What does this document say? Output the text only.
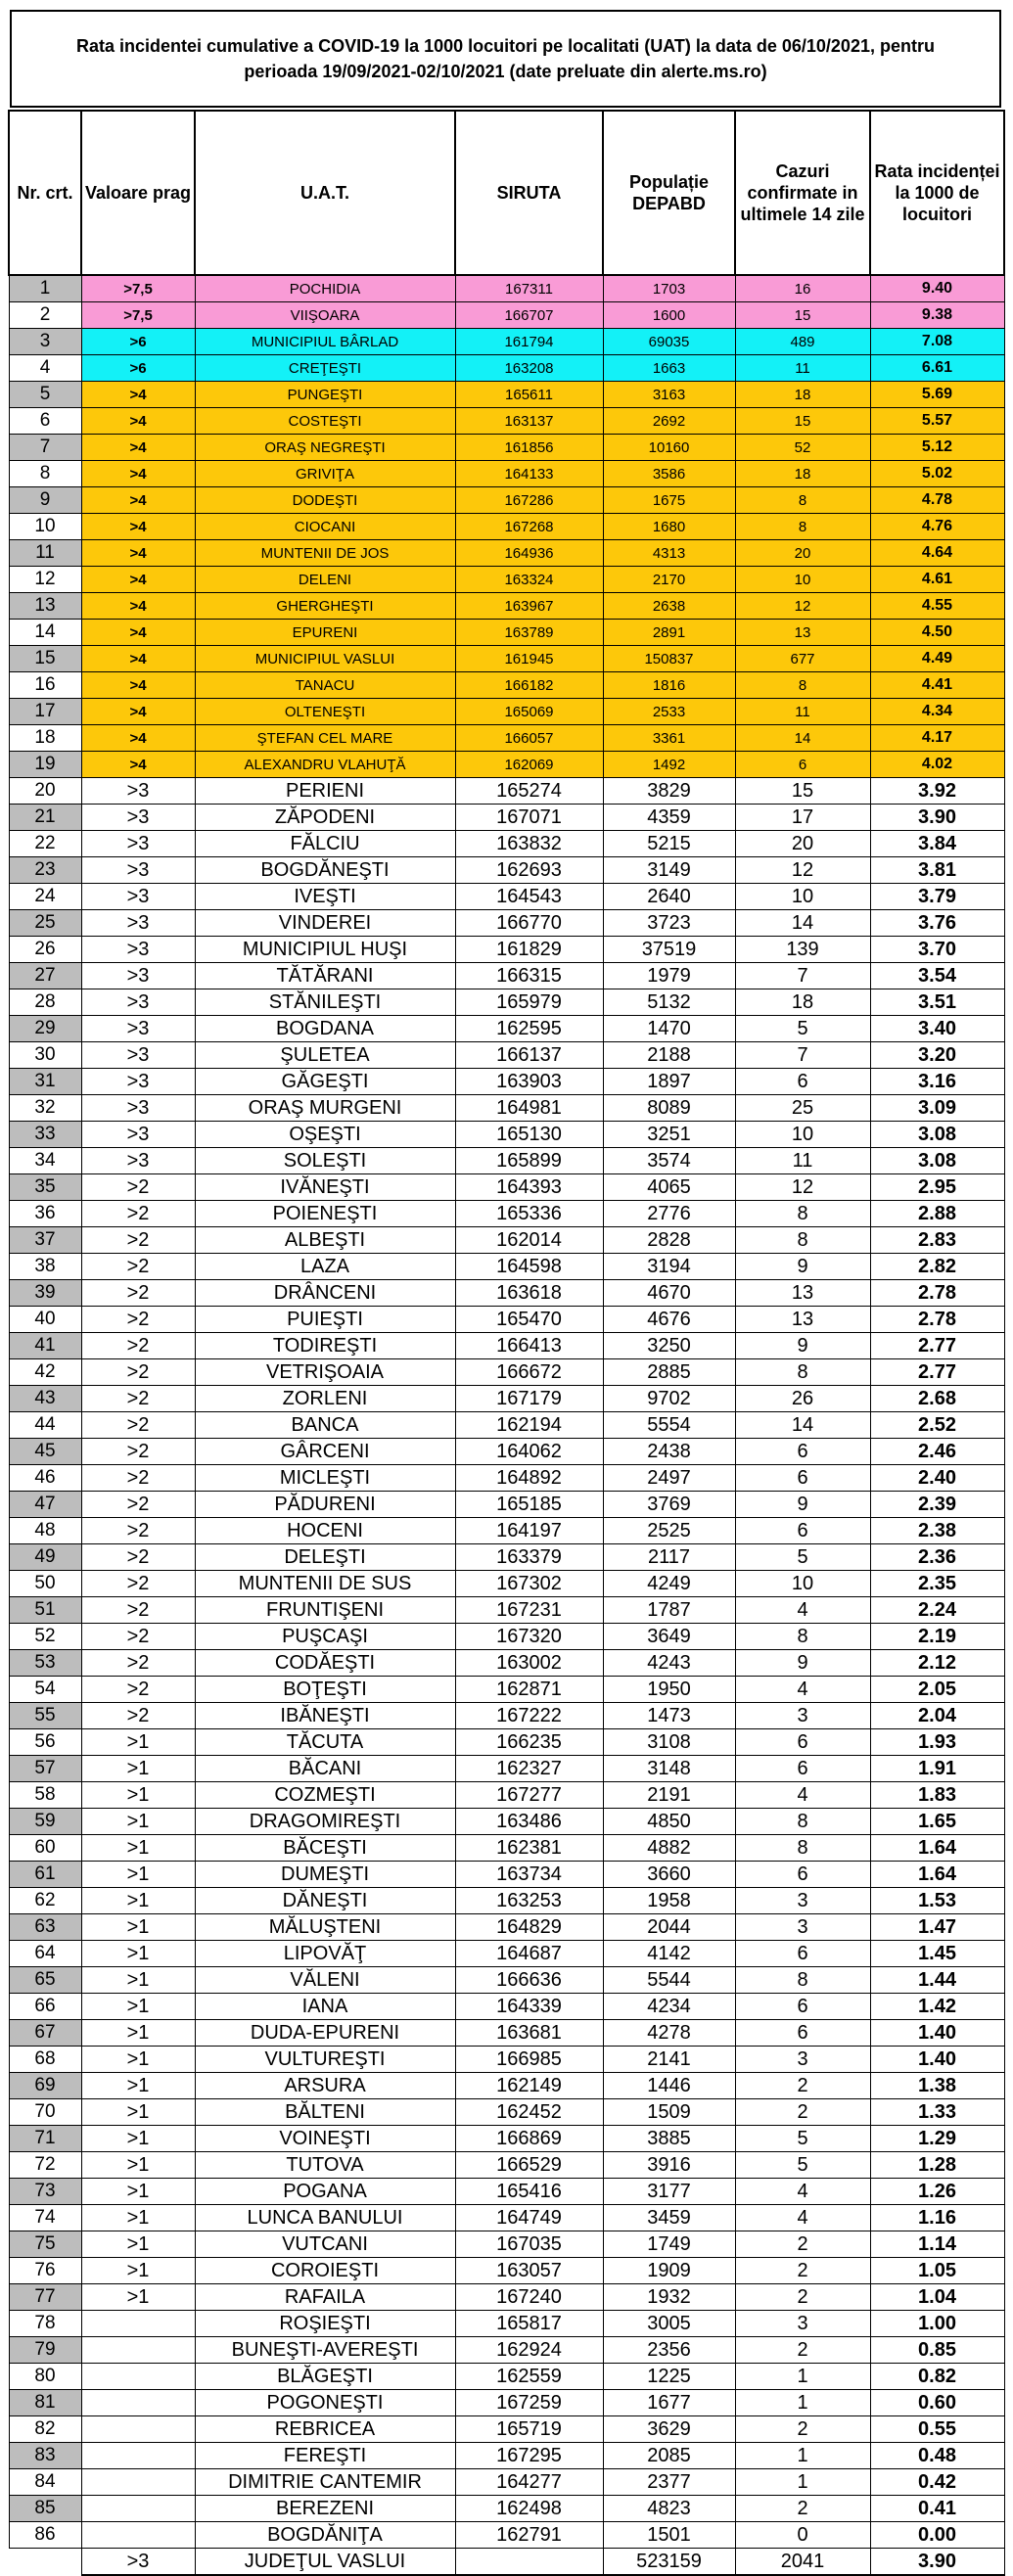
Rata incidentei cumulative a COVID-19 la 1000 locuitori pe localitati (UAT) la data de 06/10/2021, pentru perioada 19/09/2021-02/10/2021 (date preluate din alerte.ms.ro)
Nr. crt.	Valoare prag	U.A.T.	SIRUTA	Populație DEPABD	Cazuri confirmate in ultimele 14 zile	Rata incidenței la 1000 de locuitori
1	>7,5	POCHIDIA	167311	1703	16	9.40
2	>7,5	VIIŞOARA	166707	1600	15	9.38
3	>6	MUNICIPIUL BÂRLAD	161794	69035	489	7.08
4	>6	CREŢEŞTI	163208	1663	11	6.61
5	>4	PUNGEŞTI	165611	3163	18	5.69
6	>4	COSTEŞTI	163137	2692	15	5.57
7	>4	ORAŞ NEGREŞTI	161856	10160	52	5.12
8	>4	GRIVIŢA	164133	3586	18	5.02
9	>4	DODEŞTI	167286	1675	8	4.78
10	>4	CIOCANI	167268	1680	8	4.76
11	>4	MUNTENII DE JOS	164936	4313	20	4.64
12	>4	DELENI	163324	2170	10	4.61
13	>4	GHERGHEŞTI	163967	2638	12	4.55
14	>4	EPURENI	163789	2891	13	4.50
15	>4	MUNICIPIUL VASLUI	161945	150837	677	4.49
16	>4	TANACU	166182	1816	8	4.41
17	>4	OLTENEŞTI	165069	2533	11	4.34
18	>4	ŞTEFAN CEL MARE	166057	3361	14	4.17
19	>4	ALEXANDRU VLAHUŢĂ	162069	1492	6	4.02
20	>3	PERIENI	165274	3829	15	3.92
21	>3	ZĂPODENI	167071	4359	17	3.90
22	>3	FĂLCIU	163832	5215	20	3.84
23	>3	BOGDĂNEŞTI	162693	3149	12	3.81
24	>3	IVEŞTI	164543	2640	10	3.79
25	>3	VINDEREI	166770	3723	14	3.76
26	>3	MUNICIPIUL HUŞI	161829	37519	139	3.70
27	>3	TĂTĂRANI	166315	1979	7	3.54
28	>3	STĂNILEŞTI	165979	5132	18	3.51
29	>3	BOGDANA	162595	1470	5	3.40
30	>3	ŞULETEA	166137	2188	7	3.20
31	>3	GĂGEŞTI	163903	1897	6	3.16
32	>3	ORAŞ MURGENI	164981	8089	25	3.09
33	>3	OŞEŞTI	165130	3251	10	3.08
34	>3	SOLEŞTI	165899	3574	11	3.08
35	>2	IVĂNEŞTI	164393	4065	12	2.95
36	>2	POIENEŞTI	165336	2776	8	2.88
37	>2	ALBEŞTI	162014	2828	8	2.83
38	>2	LAZA	164598	3194	9	2.82
39	>2	DRÂNCENI	163618	4670	13	2.78
40	>2	PUIEŞTI	165470	4676	13	2.78
41	>2	TODIREŞTI	166413	3250	9	2.77
42	>2	VETRIŞOAIA	166672	2885	8	2.77
43	>2	ZORLENI	167179	9702	26	2.68
44	>2	BANCA	162194	5554	14	2.52
45	>2	GÂRCENI	164062	2438	6	2.46
46	>2	MICLEŞTI	164892	2497	6	2.40
47	>2	PĂDURENI	165185	3769	9	2.39
48	>2	HOCENI	164197	2525	6	2.38
49	>2	DELEŞTI	163379	2117	5	2.36
50	>2	MUNTENII DE SUS	167302	4249	10	2.35
51	>2	FRUNTIŞENI	167231	1787	4	2.24
52	>2	PUŞCAŞI	167320	3649	8	2.19
53	>2	CODĂEŞTI	163002	4243	9	2.12
54	>2	BOŢEŞTI	162871	1950	4	2.05
55	>2	IBĂNEŞTI	167222	1473	3	2.04
56	>1	TĂCUTA	166235	3108	6	1.93
57	>1	BĂCANI	162327	3148	6	1.91
58	>1	COZMEŞTI	167277	2191	4	1.83
59	>1	DRAGOMIREŞTI	163486	4850	8	1.65
60	>1	BĂCEŞTI	162381	4882	8	1.64
61	>1	DUMEŞTI	163734	3660	6	1.64
62	>1	DĂNEŞTI	163253	1958	3	1.53
63	>1	MĂLUŞTENI	164829	2044	3	1.47
64	>1	LIPOVĂŢ	164687	4142	6	1.45
65	>1	VĂLENI	166636	5544	8	1.44
66	>1	IANA	164339	4234	6	1.42
67	>1	DUDA-EPURENI	163681	4278	6	1.40
68	>1	VULTUREŞTI	166985	2141	3	1.40
69	>1	ARSURA	162149	1446	2	1.38
70	>1	BĂLTENI	162452	1509	2	1.33
71	>1	VOINEŞTI	166869	3885	5	1.29
72	>1	TUTOVA	166529	3916	5	1.28
73	>1	POGANA	165416	3177	4	1.26
74	>1	LUNCA BANULUI	164749	3459	4	1.16
75	>1	VUTCANI	167035	1749	2	1.14
76	>1	COROIEŞTI	163057	1909	2	1.05
77	>1	RAFAILA	167240	1932	2	1.04
78		ROŞIEŞTI	165817	3005	3	1.00
79		BUNEŞTI-AVEREŞTI	162924	2356	2	0.85
80		BLĂGEŞTI	162559	1225	1	0.82
81		POGONEŞTI	167259	1677	1	0.60
82		REBRICEA	165719	3629	2	0.55
83		FEREŞTI	167295	2085	1	0.48
84		DIMITRIE CANTEMIR	164277	2377	1	0.42
85		BEREZENI	162498	4823	2	0.41
86		BOGDĂNIŢA	162791	1501	0	0.00
	>3	JUDEŢUL VASLUI		523159	2041	3.90
